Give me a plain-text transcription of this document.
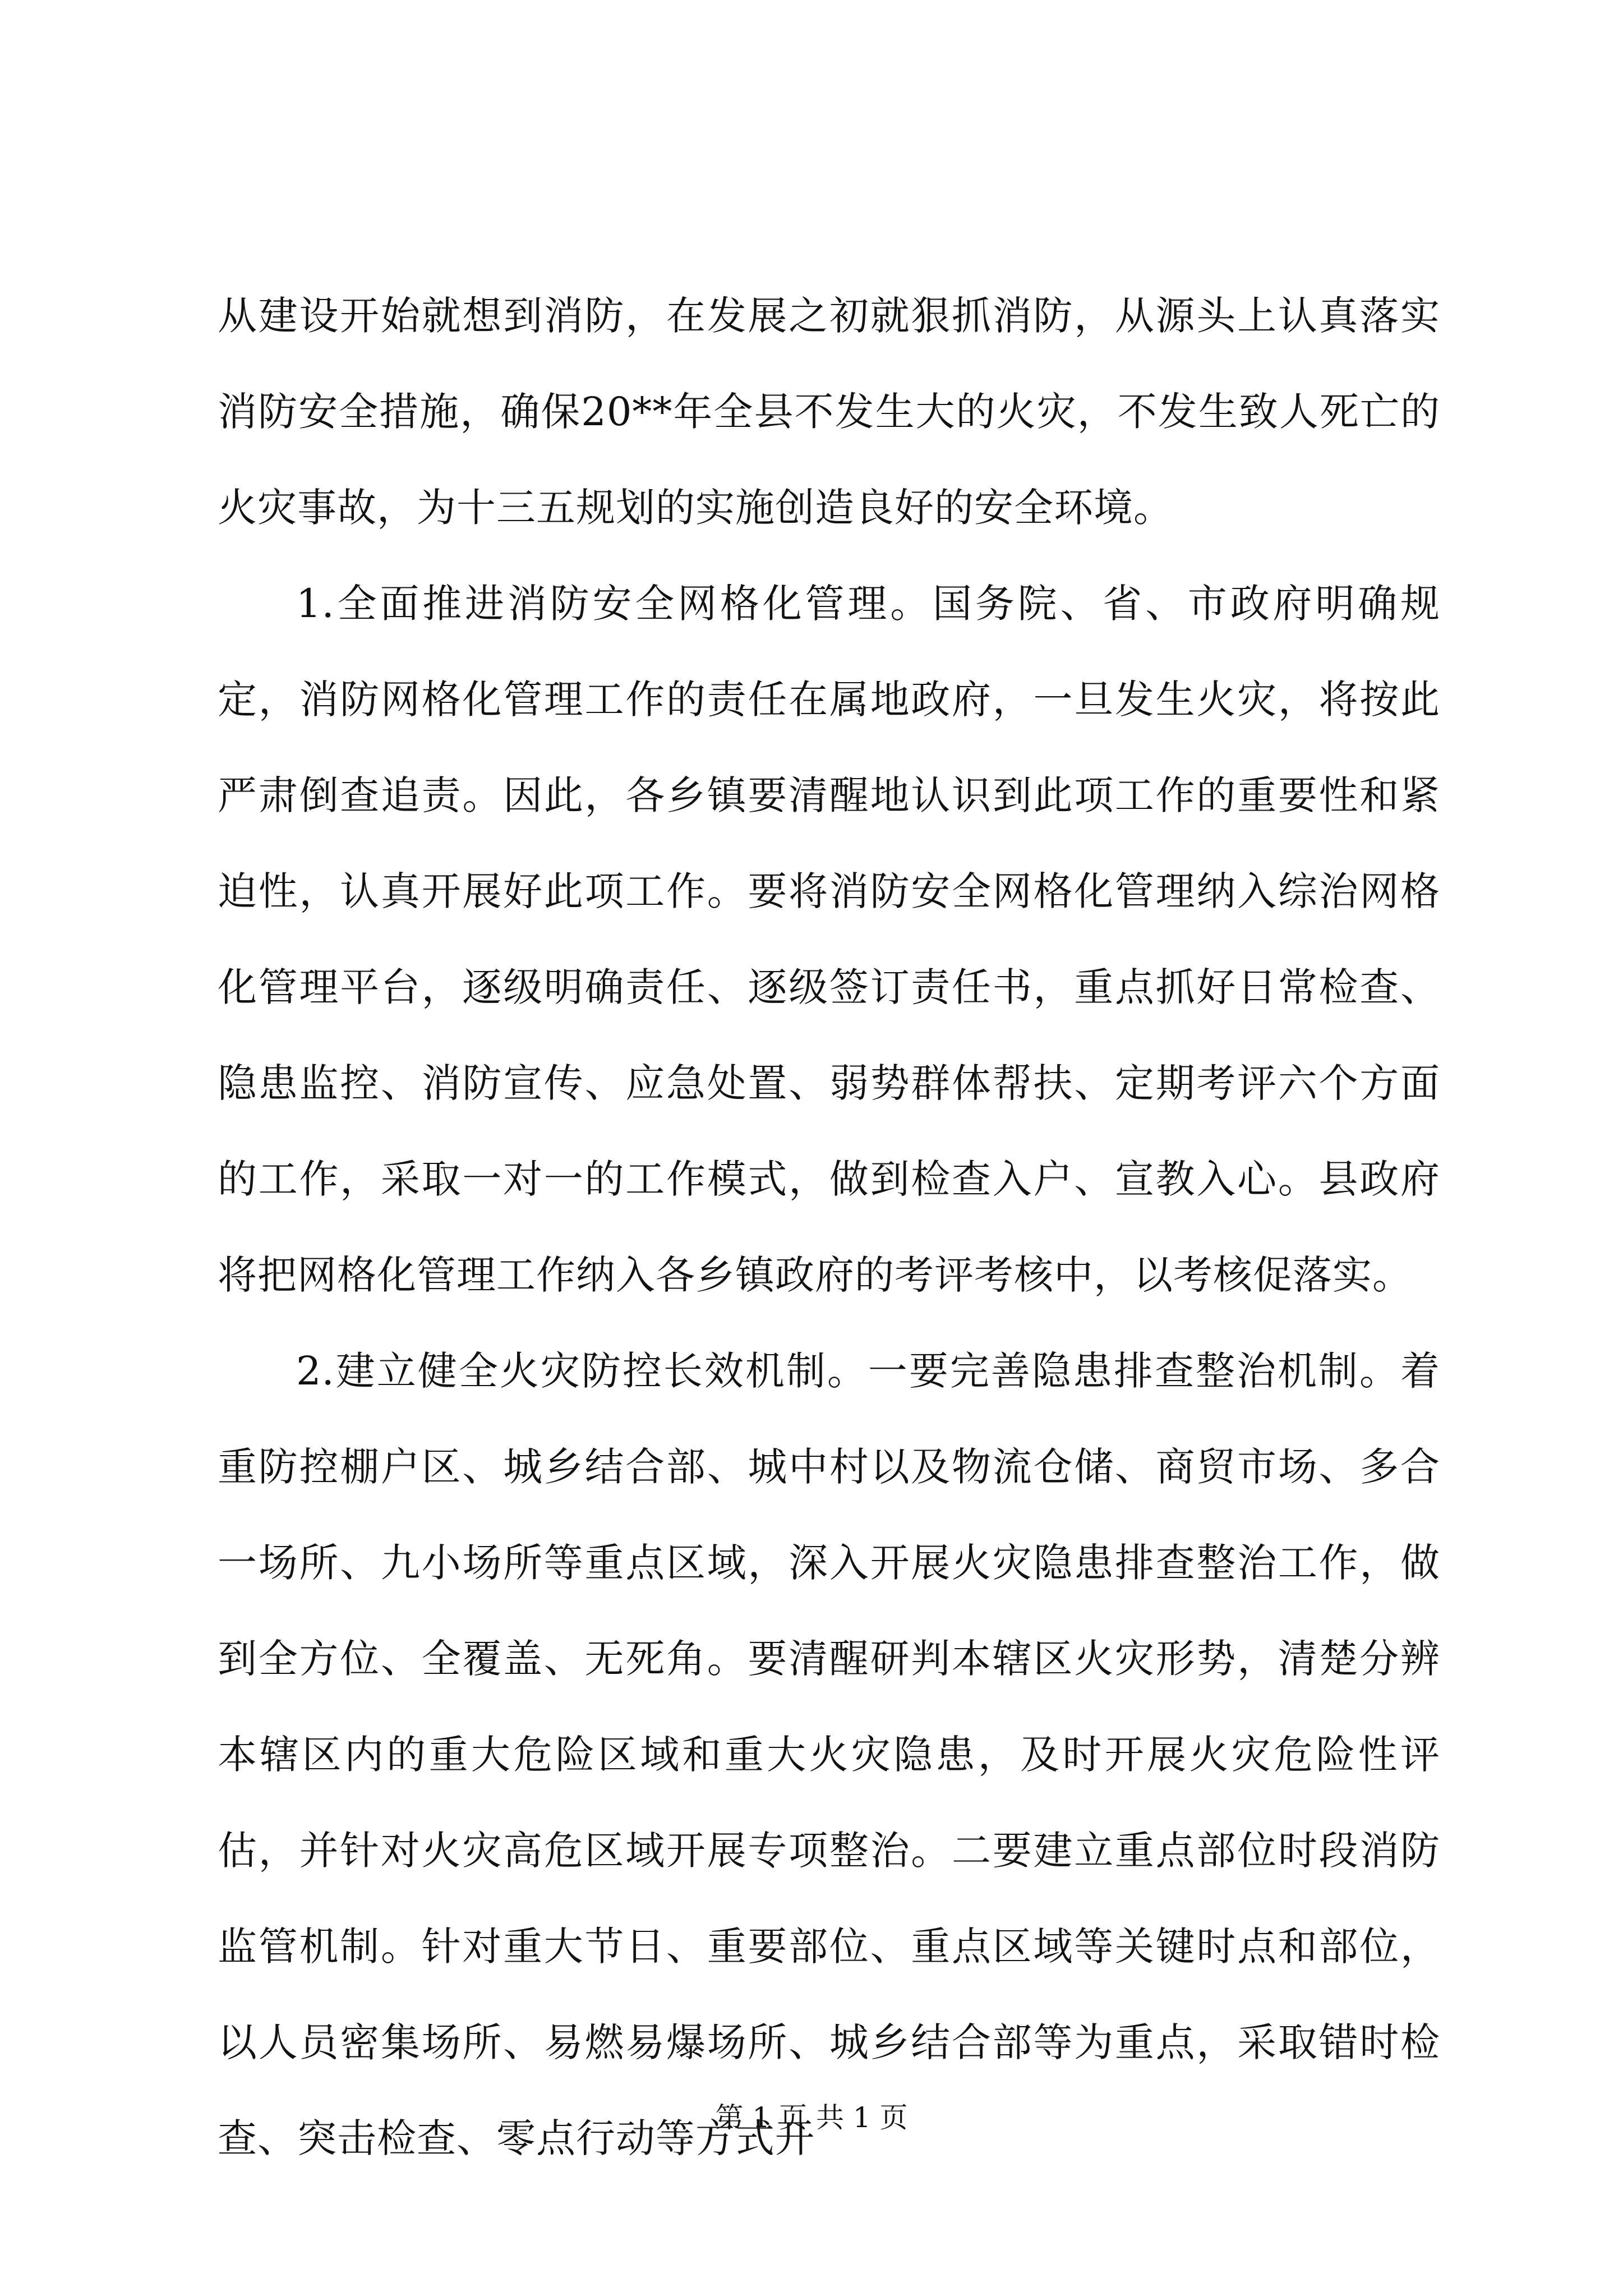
从建设开始就想到消防，在发展之初就狠抓消防，从源头上认真落实消防安全措施，确保20**年全县不发生大的火灾，不发生致人死亡的火灾事故，为十三五规划的实施创造良好的安全环境。

1.全面推进消防安全网格化管理。国务院、省、市政府明确规定，消防网格化管理工作的责任在属地政府，一旦发生火灾，将按此严肃倒查追责。因此，各乡镇要清醒地认识到此项工作的重要性和紧迫性，认真开展好此项工作。要将消防安全网格化管理纳入综治网格化管理平台，逐级明确责任、逐级签订责任书，重点抓好日常检查、隐患监控、消防宣传、应急处置、弱势群体帮扶、定期考评六个方面的工作，采取一对一的工作模式，做到检查入户、宣教入心。县政府将把网格化管理工作纳入各乡镇政府的考评考核中，以考核促落实。

2.建立健全火灾防控长效机制。一要完善隐患排查整治机制。着重防控棚户区、城乡结合部、城中村以及物流仓储、商贸市场、多合一场所、九小场所等重点区域，深入开展火灾隐患排查整治工作，做到全方位、全覆盖、无死角。要清醒研判本辖区火灾形势，清楚分辨本辖区内的重大危险区域和重大火灾隐患，及时开展火灾危险性评估，并针对火灾高危区域开展专项整治。二要建立重点部位时段消防监管机制。针对重大节日、重要部位、重点区域等关键时点和部位，以人员密集场所、易燃易爆场所、城乡结合部等为重点，采取错时检查、突击检查、零点行动等方式开

第 1 页 共 1 页
